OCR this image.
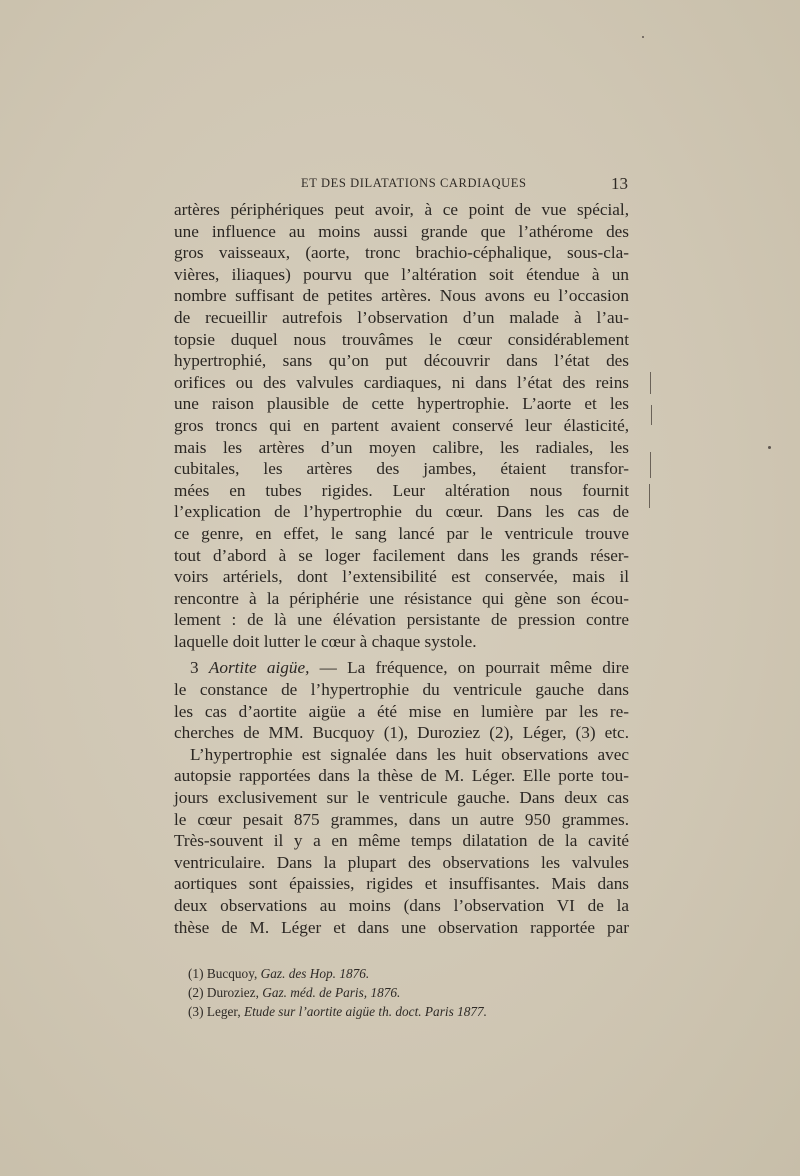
ET DES DILATATIONS CARDIAQUES	13
artères périphériques peut avoir, à ce point de vue spécial,
une influence au moins aussi grande que l’athérome des
gros vaisseaux, (aorte, tronc brachio-céphalique, sous-cla-
vières, iliaques) pourvu que l’altération soit étendue à un
nombre suffisant de petites artères. Nous avons eu l’occasion
de recueillir autrefois l’observation d’un malade à l’au-
topsie duquel nous trouvâmes le cœur considérablement
hypertrophié, sans qu’on put découvrir dans l’état des
orifices ou des valvules cardiaques, ni dans l’état des reins
une raison plausible de cette hypertrophie. L’aorte et les
gros troncs qui en partent avaient conservé leur élasticité,
mais les artères d’un moyen calibre, les radiales, les
cubitales, les artères des jambes, étaient transfor-
mées en tubes rigides. Leur altération nous fournit
l’explication de l’hypertrophie du cœur. Dans les cas de
ce genre, en effet, le sang lancé par le ventricule trouve
tout d’abord à se loger facilement dans les grands réser-
voirs artériels, dont l’extensibilité est conservée, mais il
rencontre à la périphérie une résistance qui gène son écou-
lement : de là une élévation persistante de pression contre
laquelle doit lutter le cœur à chaque systole.
3 Aortite aigüe, — La fréquence, on pourrait même dire
le constance de l’hypertrophie du ventricule gauche dans
les cas d’aortite aigüe a été mise en lumière par les re-
cherches de MM. Bucquoy (1), Duroziez (2), Léger, (3) etc.
L’hypertrophie est signalée dans les huit observations avec
autopsie rapportées dans la thèse de M. Léger. Elle porte tou-
jours exclusivement sur le ventricule gauche. Dans deux cas
le cœur pesait 875 grammes, dans un autre 950 grammes.
Très-souvent il y a en même temps dilatation de la cavité
ventriculaire. Dans la plupart des observations les valvules
aortiques sont épaissies, rigides et insuffisantes. Mais dans
deux observations au moins (dans l’observation VI de la
thèse de M. Léger et dans une observation rapportée par
(1) Bucquoy, Gaz. des Hop. 1876.
(2) Duroziez, Gaz. méd. de Paris, 1876.
(3) Leger, Etude sur l’aortite aigüe th. doct. Paris 1877.
